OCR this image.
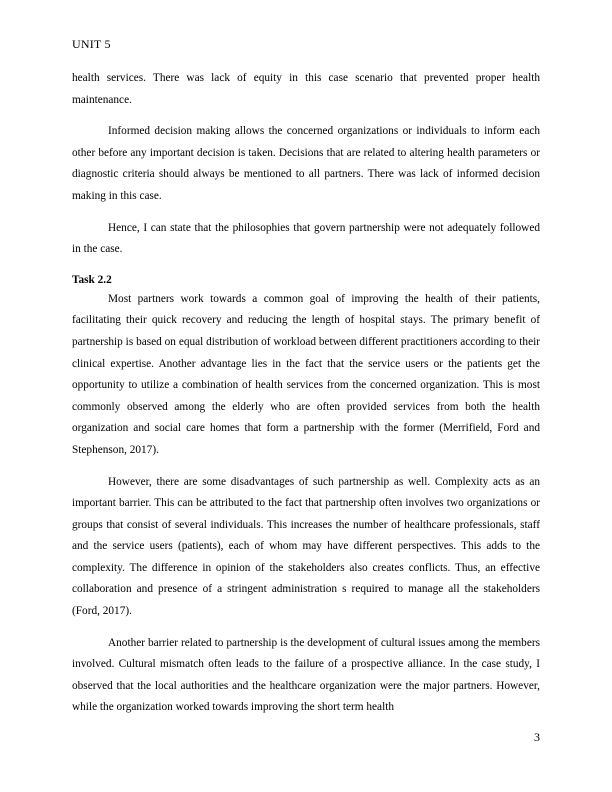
UNIT 5

health services. There was lack of equity in this case scenario that prevented proper health maintenance.

Informed decision making allows the concerned organizations or individuals to inform each other before any important decision is taken. Decisions that are related to altering health parameters or diagnostic criteria should always be mentioned to all partners. There was lack of informed decision making in this case.

Hence, I can state that the philosophies that govern partnership were not adequately followed in the case.

Task 2.2

Most partners work towards a common goal of improving the health of their patients, facilitating their quick recovery and reducing the length of hospital stays. The primary benefit of partnership is based on equal distribution of workload between different practitioners according to their clinical expertise. Another advantage lies in the fact that the service users or the patients get the opportunity to utilize a combination of health services from the concerned organization. This is most commonly observed among the elderly who are often provided services from both the health organization and social care homes that form a partnership with the former (Merrifield, Ford and Stephenson, 2017).

However, there are some disadvantages of such partnership as well. Complexity acts as an important barrier. This can be attributed to the fact that partnership often involves two organizations or groups that consist of several individuals. This increases the number of healthcare professionals, staff and the service users (patients), each of whom may have different perspectives. This adds to the complexity. The difference in opinion of the stakeholders also creates conflicts. Thus, an effective collaboration and presence of a stringent administration s required to manage all the stakeholders (Ford, 2017).

Another barrier related to partnership is the development of cultural issues among the members involved. Cultural mismatch often leads to the failure of a prospective alliance. In the case study, I observed that the local authorities and the healthcare organization were the major partners. However, while the organization worked towards improving the short term health

3
